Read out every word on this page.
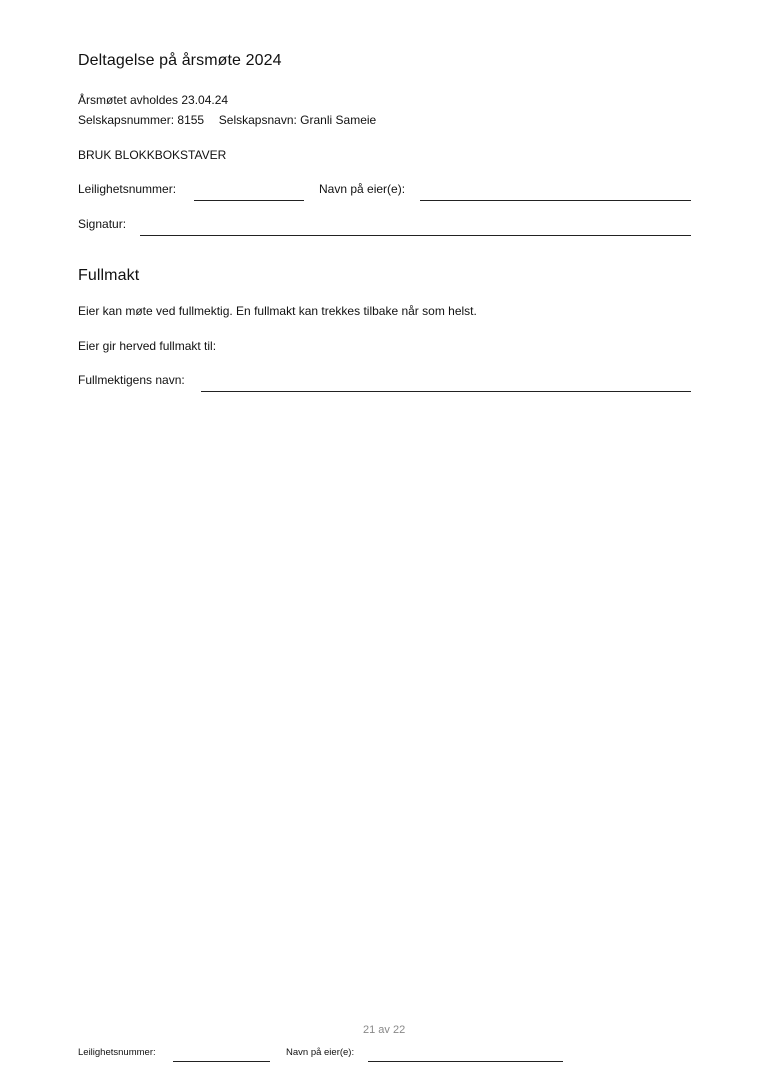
Deltagelse på årsmøte 2024
Årsmøtet avholdes 23.04.24
Selskapsnummer: 8155 Selskapsnavn: Granli Sameie
BRUK BLOKKBOKSTAVER
Leilighetsnummer:	Navn på eier(e):
Signatur:
Fullmakt
Eier kan møte ved fullmektig. En fullmakt kan trekkes tilbake når som helst.
Eier gir herved fullmakt til:
Fullmektigens navn:
21 av 22
Leilighetsnummer:	Navn på eier(e):
